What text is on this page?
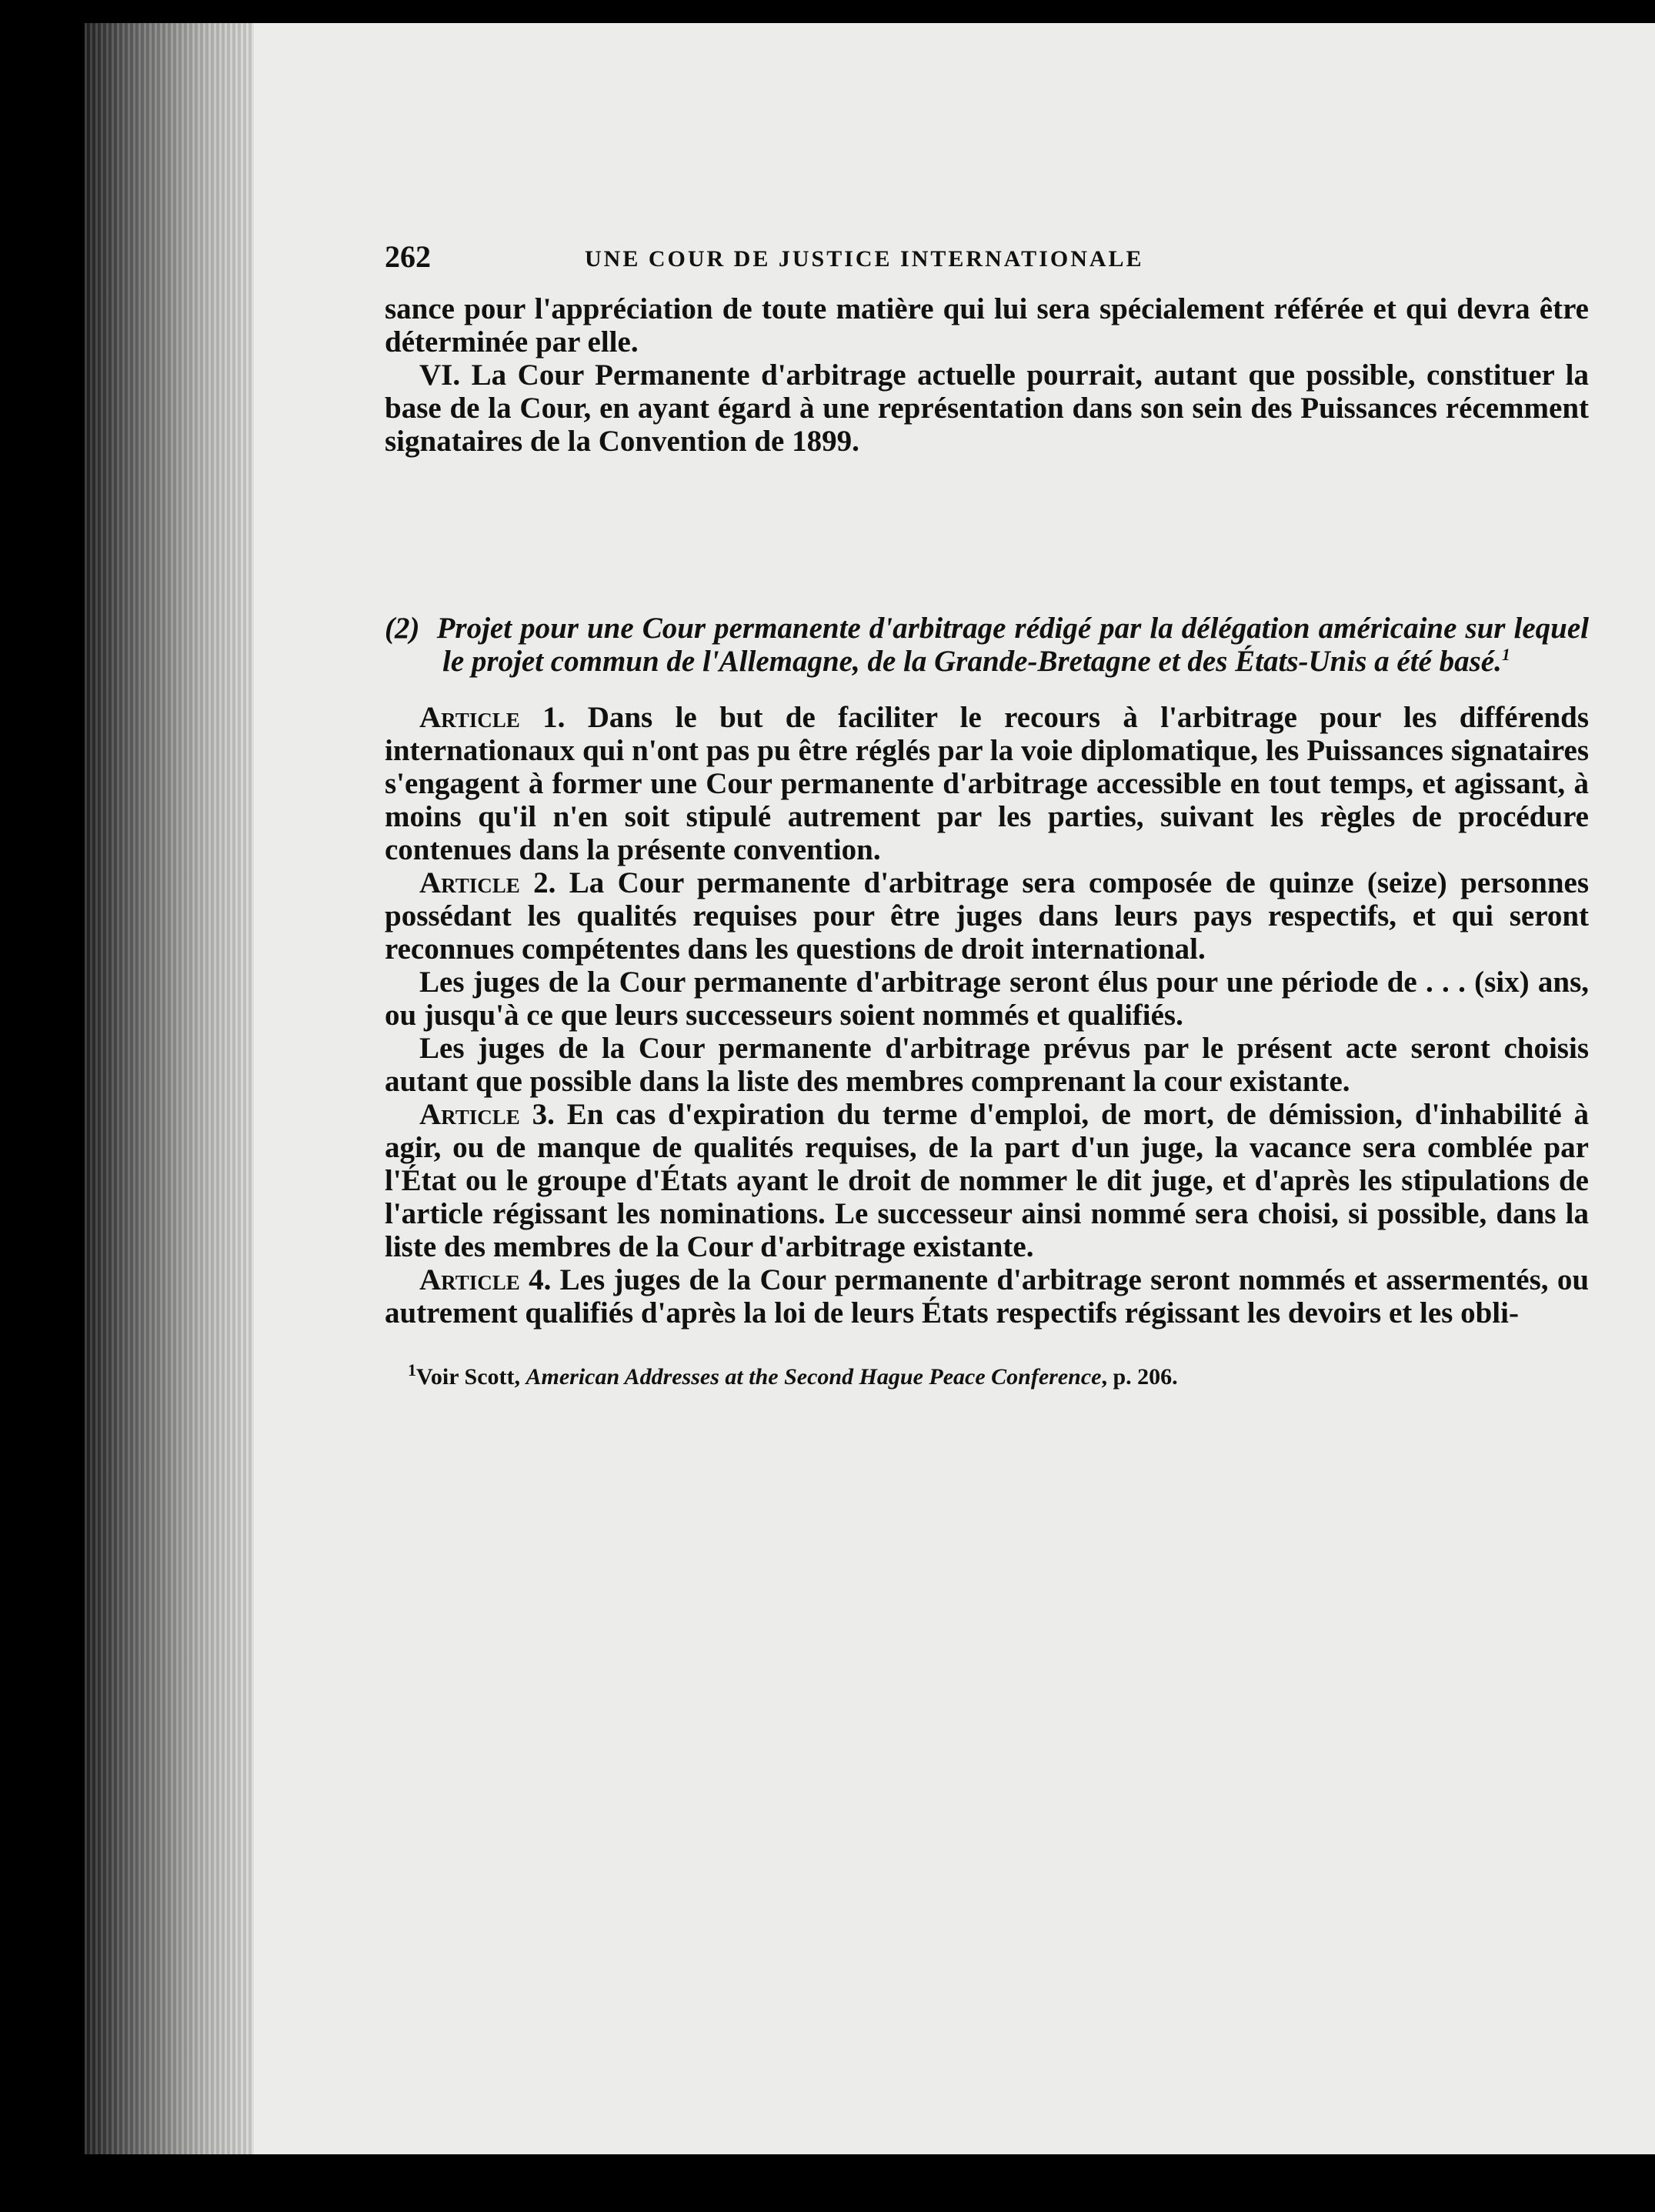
262	UNE COUR DE JUSTICE INTERNATIONALE

sance pour l'appréciation de toute matière qui lui sera spécialement référée et qui devra être déterminée par elle.

VI. La Cour Permanente d'arbitrage actuelle pourrait, autant que possible, constituer la base de la Cour, en ayant égard à une représentation dans son sein des Puissances récemment signataires de la Convention de 1899.

(2) Projet pour une Cour permanente d'arbitrage rédigé par la délégation américaine sur lequel le projet commun de l'Allemagne, de la Grande-Bretagne et des États-Unis a été basé.$^1$

Article 1. Dans le but de faciliter le recours à l'arbitrage pour les différends internationaux qui n'ont pas pu être réglés par la voie diplomatique, les Puissances signataires s'engagent à former une Cour permanente d'arbitrage accessible en tout temps, et agissant, à moins qu'il n'en soit stipulé autrement par les parties, suivant les règles de procédure contenues dans la présente convention.

Article 2. La Cour permanente d'arbitrage sera composée de quinze (seize) personnes possédant les qualités requises pour être juges dans leurs pays respectifs, et qui seront reconnues compétentes dans les questions de droit international.

Les juges de la Cour permanente d'arbitrage seront élus pour une période de . . . (six) ans, ou jusqu'à ce que leurs successeurs soient nommés et qualifiés.

Les juges de la Cour permanente d'arbitrage prévus par le présent acte seront choisis autant que possible dans la liste des membres comprenant la cour existante.

Article 3. En cas d'expiration du terme d'emploi, de mort, de démission, d'inhabilité à agir, ou de manque de qualités requises, de la part d'un juge, la vacance sera comblée par l'État ou le groupe d'États ayant le droit de nommer le dit juge, et d'après les stipulations de l'article régissant les nominations. Le successeur ainsi nommé sera choisi, si possible, dans la liste des membres de la Cour d'arbitrage existante.

Article 4. Les juges de la Cour permanente d'arbitrage seront nommés et assermentés, ou autrement qualifiés d'après la loi de leurs États respectifs régissant les devoirs et les obli-

$^1$Voir Scott, American Addresses at the Second Hague Peace Conference, p. 206.
